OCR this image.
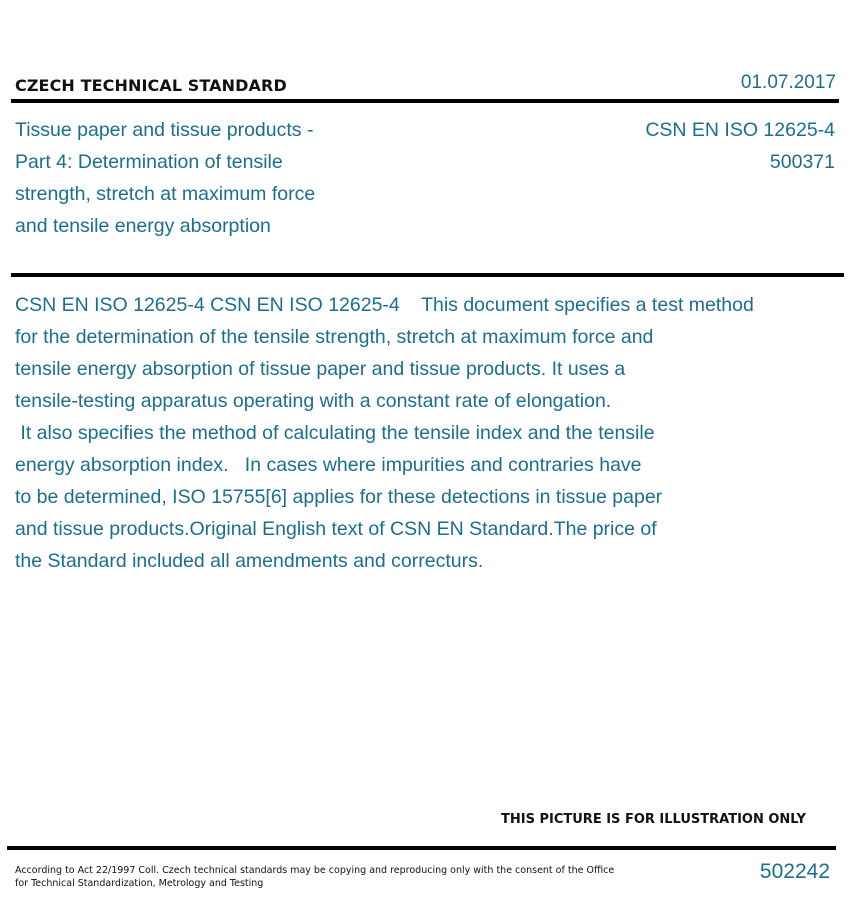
CZECH TECHNICAL STANDARD	01.07.2017
Tissue paper and tissue products -
Part 4: Determination of tensile
strength, stretch at maximum force
and tensile energy absorption
CSN EN ISO 12625-4
500371
CSN EN ISO 12625-4 CSN EN ISO 12625-4    This document specifies a test method
for the determination of the tensile strength, stretch at maximum force and
tensile energy absorption of tissue paper and tissue products. It uses a
tensile-testing apparatus operating with a constant rate of elongation.
It also specifies the method of calculating the tensile index and the tensile
energy absorption index.   In cases where impurities and contraries have
to be determined, ISO 15755[6] applies for these detections in tissue paper
and tissue products.Original English text of CSN EN Standard.The price of
the Standard included all amendments and correcturs.
THIS PICTURE IS FOR ILLUSTRATION ONLY
According to Act 22/1997 Coll. Czech technical standards may be copying and reproducing only with the consent of the Office
for Technical Standardization, Metrology and Testing
502242
